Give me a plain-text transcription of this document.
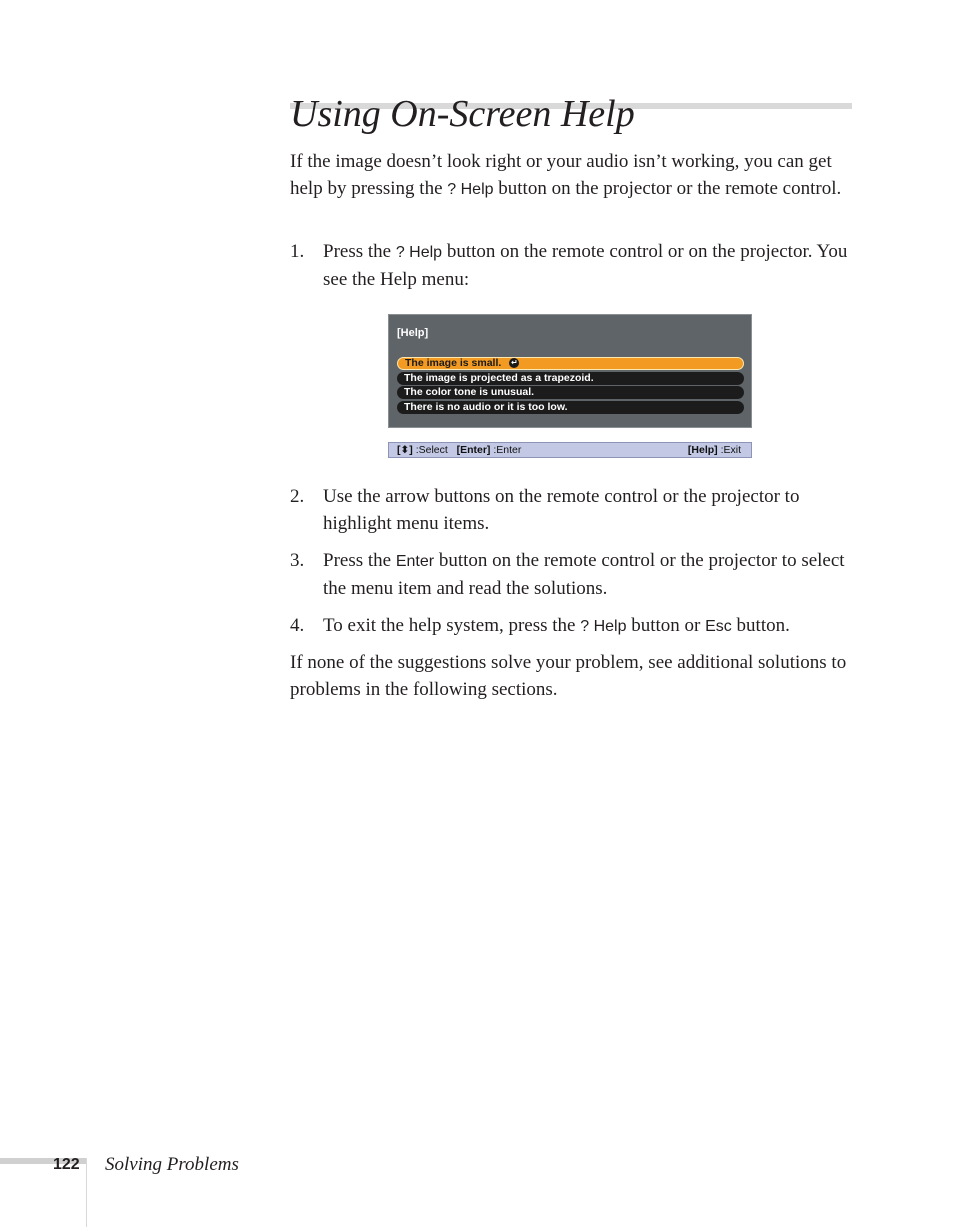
Using On-Screen Help

If the image doesn’t look right or your audio isn’t working, you can get help by pressing the ? Help button on the projector or the remote control.

1. Press the ? Help button on the remote control or on the projector. You see the Help menu:
[Help]
The image is small. ↵
The image is projected as a trapezoid.
The color tone is unusual.
There is no audio or it is too low.
[⬍] :Select [Enter] :Enter	[Help] :Exit
2. Use the arrow buttons on the remote control or the projector to highlight menu items.
3. Press the Enter button on the remote control or the projector to select the menu item and read the solutions.
4. To exit the help system, press the ? Help button or Esc button.

If none of the suggestions solve your problem, see additional solutions to problems in the following sections.

122 Solving Problems
